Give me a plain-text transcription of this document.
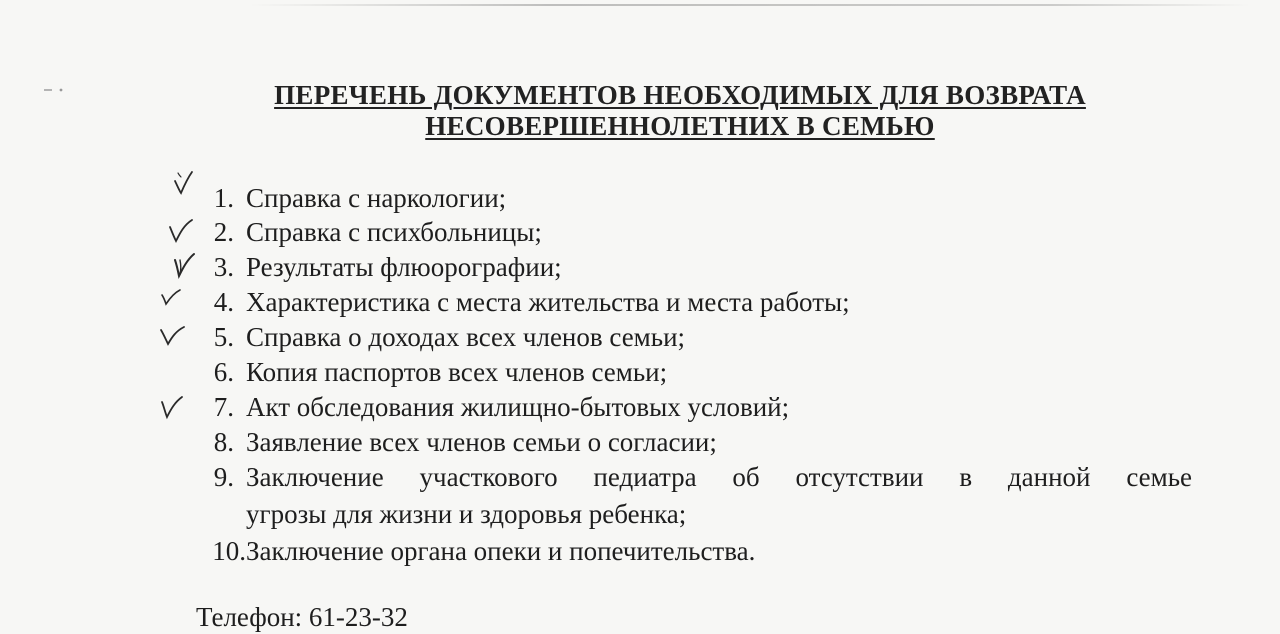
ПЕРЕЧЕНЬ ДОКУМЕНТОВ НЕОБХОДИМЫХ ДЛЯ ВОЗВРАТА
НЕСОВЕРШЕННОЛЕТНИХ В СЕМЬЮ
1. Справка с наркологии;
2. Справка с психбольницы;
3. Результаты флюорографии;
4. Характеристика с места жительства и места работы;
5. Справка о доходах всех членов семьи;
6. Копия паспортов всех членов семьи;
7. Акт обследования жилищно-бытовых условий;
8. Заявление всех членов семьи о согласии;
9. Заключение участкового педиатра об отсутствии в данной семье
угрозы для жизни и здоровья ребенка;
10. Заключение органа опеки и попечительства.
Телефон: 61-23-32
